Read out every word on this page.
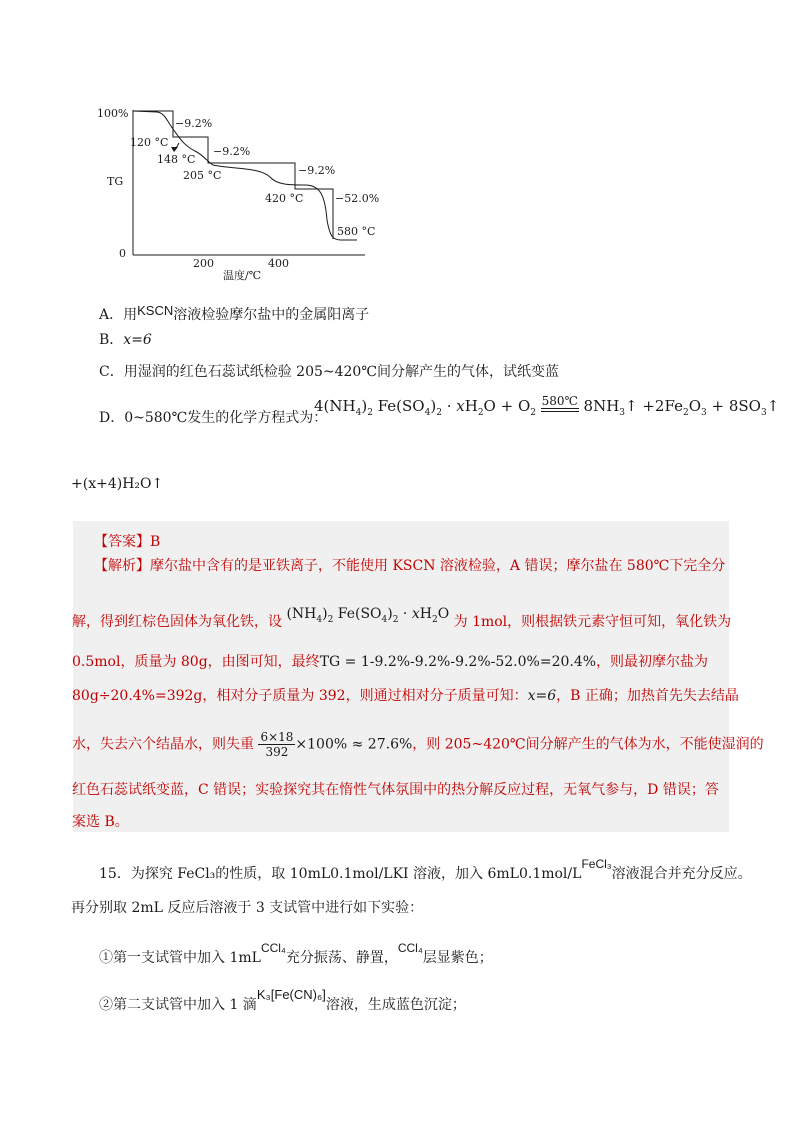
100%
TG
0
200	400
温度/℃
−9.2%
−9.2%
−9.2%
−52.0%
120 °C
148 °C
205 °C
420 °C
580 °C
A．用KSCN溶液检验摩尔盐中的金属阳离子
B．x=6
C．用湿润的红色石蕊试纸检验 205~420℃间分解产生的气体，试纸变蓝
D．0~580℃发生的化学方程式为：
$4(NH_4)_2$ $Fe(SO_4)_2 \cdot xH_2O + O_2$
580℃ $8NH_3↑ +2Fe_2O_3$ + $8SO_3↑$
+(x+4)H₂O↑
【答案】B
【解析】摩尔盐中含有的是亚铁离子，不能使用 KSCN 溶液检验，A 错误；摩尔盐在 580℃下完全分
解，得到红棕色固体为氧化铁，设 $(NH_4)_2$ $Fe(SO_4)_2 \cdot xH_2O$ 为 1mol，则根据铁元素守恒可知，氧化铁为
0.5mol，质量为 80g，由图可知，最终TG = 1-9.2%-9.2%-9.2%-52.0%=20.4%，则最初摩尔盐为
80g÷20.4%=392g，相对分子质量为 392，则通过相对分子质量可知：x=6，B 正确；加热首先失去结晶
水，失去六个结晶水，则失重 $\frac{6\times 18}{392} \times 100\% \approx 27.6\%$，则 205~420℃间分解产生的气体为水，不能使湿润的
红色石蕊试纸变蓝，C 错误；实验探究其在惰性气体氛围中的热分解反应过程，无氧气参与，D 错误；答
案选 B。
15．为探究 FeCl₃的性质，取 10mL0.1mol/LKI 溶液，加入 6mL0.1mol/LFeCl₃溶液混合并充分反应。
再分别取 2mL 反应后溶液于 3 支试管中进行如下实验：
①第一支试管中加入 1mLCCl₄充分振荡、静置，CCl₄层显紫色；
②第二支试管中加入 1 滴K₃[Fe(CN)₆]溶液，生成蓝色沉淀；
